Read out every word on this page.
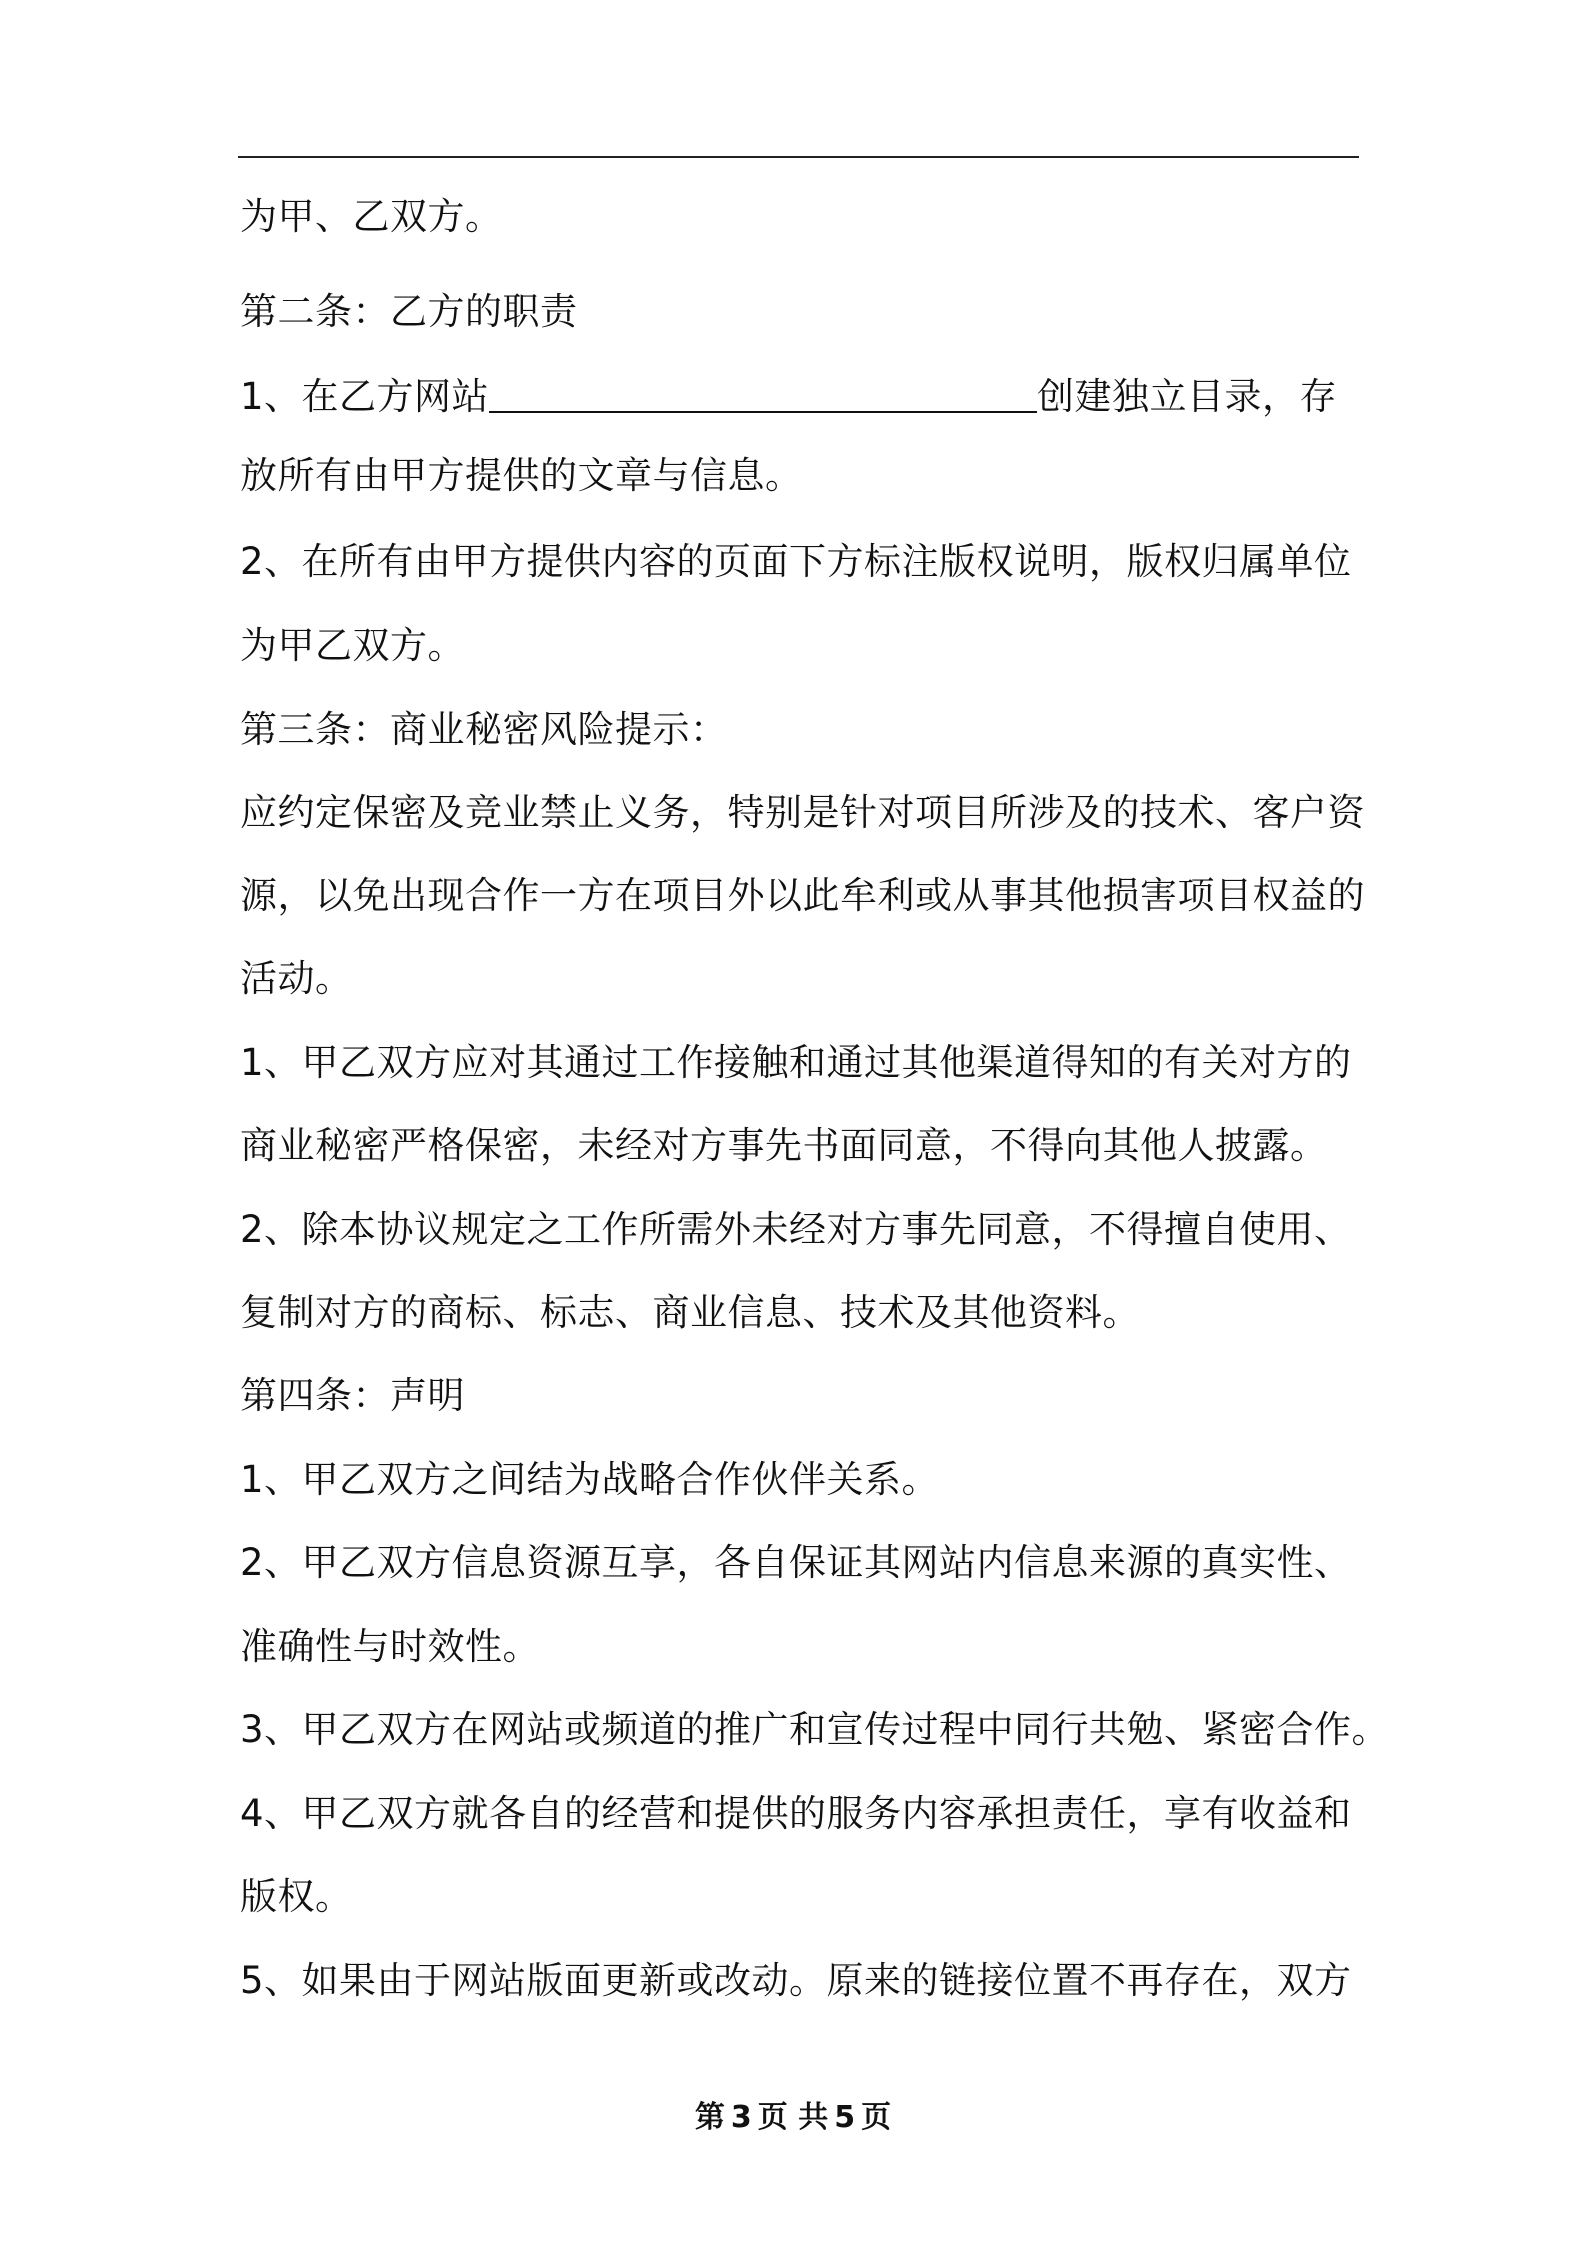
为甲、乙双方。

第二条：乙方的职责

1、在乙方网站	创建独立目录，存

放所有由甲方提供的文章与信息。

2、在所有由甲方提供内容的页面下方标注版权说明，版权归属单位

为甲乙双方。

第三条：商业秘密风险提示：

应约定保密及竞业禁止义务，特别是针对项目所涉及的技术、客户资

源，以免出现合作一方在项目外以此牟利或从事其他损害项目权益的

活动。

1、甲乙双方应对其通过工作接触和通过其他渠道得知的有关对方的

商业秘密严格保密，未经对方事先书面同意，不得向其他人披露。

2、除本协议规定之工作所需外未经对方事先同意，不得擅自使用、

复制对方的商标、标志、商业信息、技术及其他资料。

第四条：声明

1、甲乙双方之间结为战略合作伙伴关系。

2、甲乙双方信息资源互享，各自保证其网站内信息来源的真实性、

准确性与时效性。

3、甲乙双方在网站或频道的推广和宣传过程中同行共勉、紧密合作。

4、甲乙双方就各自的经营和提供的服务内容承担责任，享有收益和

版权。

5、如果由于网站版面更新或改动。原来的链接位置不再存在，双方

第 3 页 共 5 页
